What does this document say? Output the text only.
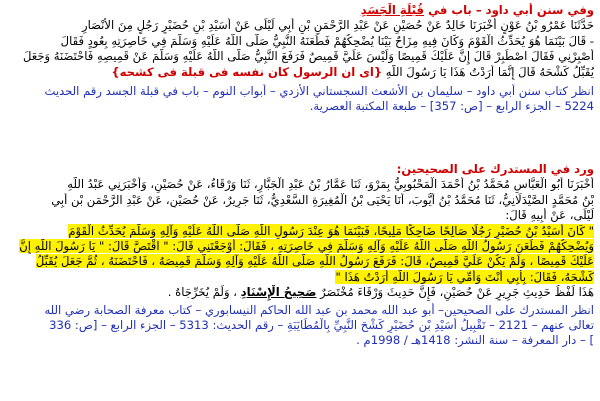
وفي سنن أبي داود – باب في قُبْلَةِ الْجَسَدِ
حَدَّثَنَا عَمْرُو بْنُ عَوْنٍ أَخْبَرَنَا خَالِدٌ عَنْ حُصَيْنٍ عَنْ عَبْدِ الرَّحْمَنِ بْنِ أَبِي لَيْلَى عَنْ أُسَيْدِ بْنِ حُضَيْرٍ رَجُلٍ مِنَ الأَنْصَارِ
- قَالَ بَيْنَمَا هُوَ يُحَدِّثُ الْقَوْمَ وَكَانَ فِيهِ مِزَاحٌ بَيْنَا يُضْحِكُهُمْ فَطَعَنَهُ النَّبِيُّ صَلَّى اللَّهُ عَلَيْهِ وَسَلَّمَ فِي خَاصِرَتِهِ بِعُودٍ فَقَالَ
أَصْبِرْنِي فَقَالَ اصْطَبِرْ قَالَ إِنَّ عَلَيْكَ قَمِيصًا وَلَيْسَ عَلَيَّ قَمِيصٌ فَرَفَعَ النَّبِيُّ صَلَّى اللَّهُ عَلَيْهِ وَسَلَّمَ عَنْ قَمِيصِهِ فَاحْتَضَنَهُ وَجَعَلَ
يُقَبِّلُ كَشْحَهُ قَالَ إِنَّمَا أَرَدْتُ هَذَا يَا رَسُولَ اللَّهِ {اى ان الرسول كان نفسه فى قبلة فى كشحه}
انظر كتاب سنن أبي داود – سليمان بن الأشعث السجستاني الأزدي – أبواب النوم – باب في قبلة الجسد رقم الحديث
5224 – الجزء الرابع – [ص: 357] – طبعة المكتبة العصرية.
ورد في المستدرك على الصحيحين:
أَخْبَرَنَا أَبُو الْعَبَّاسِ مُحَمَّدُ بْنُ أَحْمَدَ الْمَحْبُوبِيُّ بِمَرْوَ، ثَنَا عَمَّارُ بْنُ عَبْدِ الْجَبَّارِ، ثَنَا وَرْقَاءُ، عَنْ حُصَيْنٍ، وَأَخْبَرَنِي عَبْدُ اللَّهِ
بْنُ مُحَمَّدٍ الصَّيْدَلَانِيُّ، ثَنَا مُحَمَّدُ بْنُ أَيُّوبَ، أَنَا يَحْيَى بْنُ الْمُغِيرَةِ السَّعْدِيُّ، ثَنَا جَرِيرٌ، عَنْ حُصَيْنٍ، عَنْ عَبْدِ الرَّحْمَنِ بْنِ أَبِي
لَيْلَى، عَنْ أَبِيهِ قَالَ:
" كَانَ أُسَيْدُ بْنُ حُضَيْرٍ رَجُلًا صَالِحًا ضَاحِكًا مَلِيحًا، فَبَيْنَمَا هُوَ عِنْدَ رَسُولِ اللَّهِ صَلَّى اللَّهُ عَلَيْهِ وَآلِهِ وَسَلَّمَ يُحَدِّثُ الْقَوْمَ
وَيُضْحِكُهُمْ فَطَعَنَ رَسُولُ اللَّهِ صَلَّى اللَّهُ عَلَيْهِ وَآلِهِ وَسَلَّمَ فِي خَاصِرَتِهِ ، فَقَالَ: أَوْجَعْتَنِي قَالَ: " اقْتَصَّ قَالَ: " يَا رَسُولَ اللَّهِ إِنَّ
عَلَيْكَ قَمِيصًا ، وَلَمْ يَكُنْ عَلَيَّ قَمِيصٌ، قَالَ: فَرَفَعَ رَسُولُ اللَّهِ صَلَّى اللَّهُ عَلَيْهِ وَآلِهِ وَسَلَّمَ قَمِيصَهُ ، فَاحْتَضَنَهُ ، ثُمَّ جَعَلَ يُقَبِّلُ
كَشْحَهُ، فَقَالَ: بِأَبِي أَنْتَ وَأُمِّي يَا رَسُولَ اللَّهِ أَرَدْتُ هَذَا "
هَذَا لَفْظُ حَدِيثِ جَرِيرٍ عَنْ حُصَيْنٍ، فَإِنَّ حَدِيثَ وَرْقَاءَ مُخْتَصَرٌ صَحِيحُ الْإِسْنَادِ ، وَلَمْ يُخَرِّجَاهُ .
انظر المستدرك على الصحيحين– أبو عبد الله محمد بن عبد الله الحاكم النيسابوري – كتاب معرفة الصحابة رضي الله
تعالى عنهم – 2121 – تَقْبِيلُ أُسَيْدِ بْنِ حُضَيْرٍ كَشْحَ النَّبِيِّ بِالْمُطَايَبَةِ – رقم الحديث: 5313 – الجزء الرابع – [ص: 336
] – دار المعرفة – سنة النشر: 1418هـ / 1998م .
